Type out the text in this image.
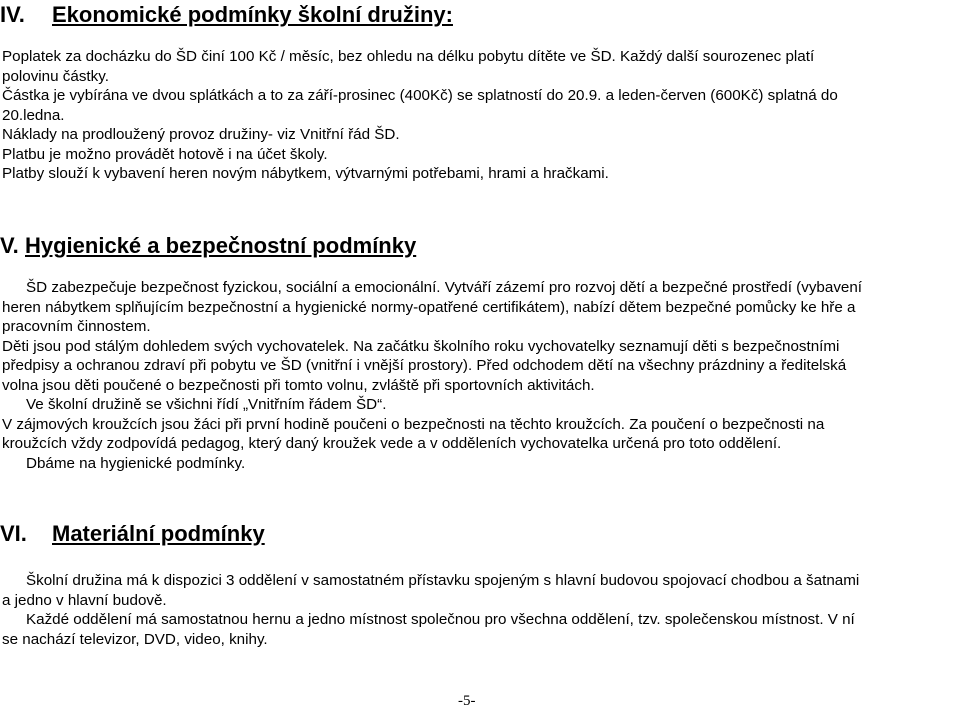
IV. Ekonomické podmínky školní družiny:
Poplatek za docházku do ŠD činí 100 Kč / měsíc, bez ohledu na délku pobytu dítěte ve ŠD. Každý další sourozenec platí
polovinu částky.
Částka je vybírána ve dvou splátkách a to za září-prosinec (400Kč) se splatností do 20.9. a leden-červen (600Kč) splatná do
20.ledna.
Náklady na prodloužený provoz družiny- viz Vnitřní řád ŠD.
Platbu je možno provádět hotově i na účet školy.
Platby slouží k vybavení heren novým nábytkem, výtvarnými potřebami, hrami a hračkami.
V. Hygienické a bezpečnostní podmínky
ŠD zabezpečuje bezpečnost fyzickou, sociální a emocionální. Vytváří zázemí pro rozvoj dětí a bezpečné prostředí (vybavení
heren nábytkem splňujícím bezpečnostní a hygienické normy-opatřené certifikátem), nabízí dětem bezpečné pomůcky ke hře a
pracovním činnostem.
Děti jsou pod stálým dohledem svých vychovatelek. Na začátku školního roku vychovatelky seznamují děti s bezpečnostními
předpisy a ochranou zdraví při pobytu ve ŠD (vnitřní i vnější prostory). Před odchodem dětí na všechny prázdniny a ředitelská
volna jsou děti poučené o bezpečnosti při tomto volnu, zvláště při sportovních aktivitách.
Ve školní družině se všichni řídí „Vnitřním řádem ŠD“.
V zájmových kroužcích jsou žáci při první hodině poučeni o bezpečnosti na těchto kroužcích. Za poučení o bezpečnosti na
kroužcích vždy zodpovídá pedagog, který daný kroužek vede a v odděleních vychovatelka určená pro toto oddělení.
Dbáme na hygienické podmínky.
VI. Materiální podmínky
Školní družina má k dispozici 3 oddělení v samostatném přístavku spojeným s hlavní budovou spojovací chodbou a šatnami
a jedno v hlavní budově.
Každé oddělení má samostatnou hernu a jedno místnost společnou pro všechna oddělení, tzv. společenskou místnost. V ní
se nachází televizor, DVD, video, knihy.
-5-
